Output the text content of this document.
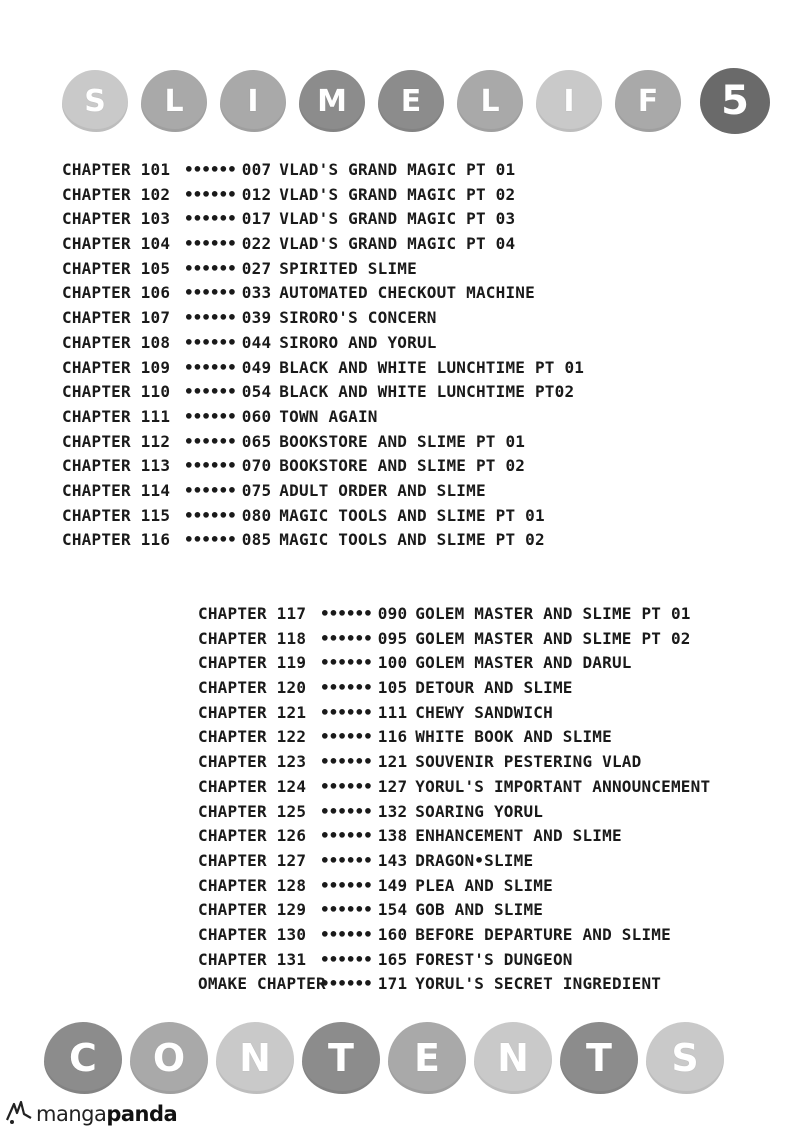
S L I M E L I F	5
CHAPTER 101 •••••• 007 VLAD'S GRAND MAGIC PT 01
CHAPTER 102 •••••• 012 VLAD'S GRAND MAGIC PT 02
CHAPTER 103 •••••• 017 VLAD'S GRAND MAGIC PT 03
CHAPTER 104 •••••• 022 VLAD'S GRAND MAGIC PT 04
CHAPTER 105 •••••• 027 SPIRITED SLIME
CHAPTER 106 •••••• 033 AUTOMATED CHECKOUT MACHINE
CHAPTER 107 •••••• 039 SIRORO'S CONCERN
CHAPTER 108 •••••• 044 SIRORO AND YORUL
CHAPTER 109 •••••• 049 BLACK AND WHITE LUNCHTIME PT 01
CHAPTER 110 •••••• 054 BLACK AND WHITE LUNCHTIME PT02
CHAPTER 111 •••••• 060 TOWN AGAIN
CHAPTER 112 •••••• 065 BOOKSTORE AND SLIME PT 01
CHAPTER 113 •••••• 070 BOOKSTORE AND SLIME PT 02
CHAPTER 114 •••••• 075 ADULT ORDER AND SLIME
CHAPTER 115 •••••• 080 MAGIC TOOLS AND SLIME PT 01
CHAPTER 116 •••••• 085 MAGIC TOOLS AND SLIME PT 02
CHAPTER 117 •••••• 090 GOLEM MASTER AND SLIME PT 01
CHAPTER 118 •••••• 095 GOLEM MASTER AND SLIME PT 02
CHAPTER 119 •••••• 100 GOLEM MASTER AND DARUL
CHAPTER 120 •••••• 105 DETOUR AND SLIME
CHAPTER 121 •••••• 111 CHEWY SANDWICH
CHAPTER 122 •••••• 116 WHITE BOOK AND SLIME
CHAPTER 123 •••••• 121 SOUVENIR PESTERING VLAD
CHAPTER 124 •••••• 127 YORUL'S IMPORTANT ANNOUNCEMENT
CHAPTER 125 •••••• 132 SOARING YORUL
CHAPTER 126 •••••• 138 ENHANCEMENT AND SLIME
CHAPTER 127 •••••• 143 DRAGON•SLIME
CHAPTER 128 •••••• 149 PLEA AND SLIME
CHAPTER 129 •••••• 154 GOB AND SLIME
CHAPTER 130 •••••• 160 BEFORE DEPARTURE AND SLIME
CHAPTER 131 •••••• 165 FOREST'S DUNGEON
OMAKE CHAPTER
•••••• 171 YORUL'S SECRET INGREDIENT
C O N T E N T S
manga panda
